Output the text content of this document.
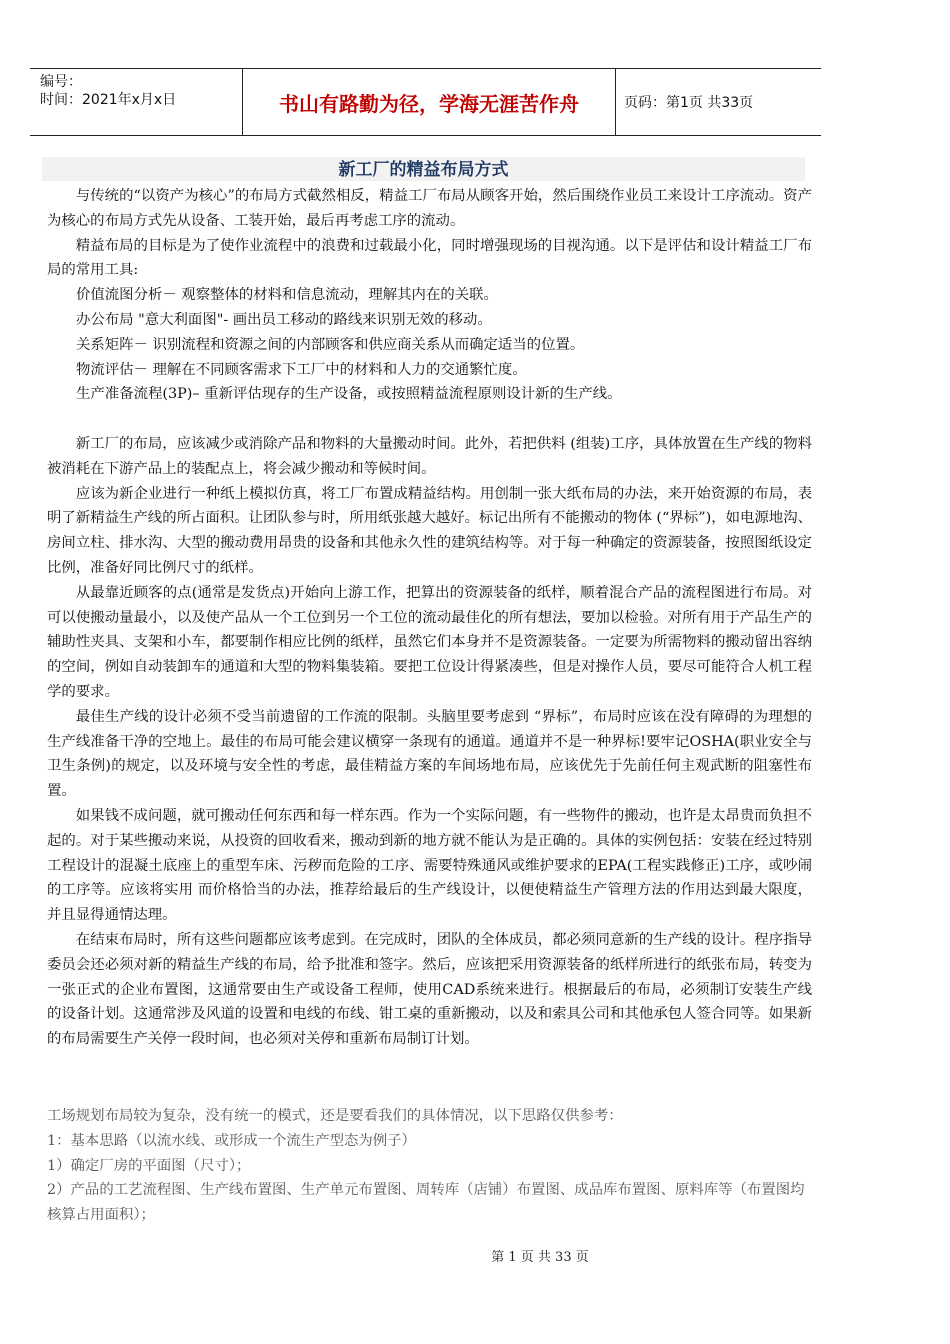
编号：
时间：2021年x月x日	书山有路勤为径，学海无涯苦作舟	页码：第1页 共33页
新工厂的精益布局方式

与传统的“以资产为核心”的布局方式截然相反，精益工厂布局从顾客开始，然后围绕作业员工来设计工序流动。资产为核心的布局方式先从设备、工装开始，最后再考虑工序的流动。

精益布局的目标是为了使作业流程中的浪费和过载最小化，同时增强现场的目视沟通。以下是评估和设计精益工厂布局的常用工具:

价值流图分析－ 观察整体的材料和信息流动，理解其内在的关联。

办公布局 "意大利面图"- 画出员工移动的路线来识别无效的移动。

关系矩阵－ 识别流程和资源之间的内部顾客和供应商关系从而确定适当的位置。

物流评估－ 理解在不同顾客需求下工厂中的材料和人力的交通繁忙度。

生产准备流程(3P)– 重新评估现存的生产设备，或按照精益流程原则设计新的生产线。

新工厂的布局，应该减少或消除产品和物料的大量搬动时间。此外，若把供料 (组装)工序，具体放置在生产线的物料被消耗在下游产品上的装配点上，将会减少搬动和等候时间。

应该为新企业进行一种纸上模拟仿真，将工厂布置成精益结构。用创制一张大纸布局的办法，来开始资源的布局，表明了新精益生产线的所占面积。让团队参与时，所用纸张越大越好。标记出所有不能搬动的物体 (“界标”)，如电源地沟、房间立柱、排水沟、大型的搬动费用昂贵的设备和其他永久性的建筑结构等。对于每一种确定的资源装备，按照图纸设定比例，准备好同比例尺寸的纸样。

从最靠近顾客的点(通常是发货点)开始向上游工作，把算出的资源装备的纸样，顺着混合产品的流程图进行布局。对可以使搬动量最小，以及使产品从一个工位到另一个工位的流动最佳化的所有想法，要加以检验。对所有用于产品生产的辅助性夹具、支架和小车，都要制作相应比例的纸样，虽然它们本身并不是资源装备。一定要为所需物料的搬动留出容纳的空间，例如自动装卸车的通道和大型的物料集装箱。要把工位设计得紧凑些，但是对操作人员，要尽可能符合人机工程学的要求。

最佳生产线的设计必须不受当前遗留的工作流的限制。头脑里要考虑到 “界标”，布局时应该在没有障碍的为理想的生产线准备干净的空地上。最佳的布局可能会建议横穿一条现有的通道。通道并不是一种界标!要牢记OSHA(职业安全与卫生条例)的规定，以及环境与安全性的考虑，最佳精益方案的车间场地布局，应该优先于先前任何主观武断的阻塞性布置。

如果钱不成问题，就可搬动任何东西和每一样东西。作为一个实际问题，有一些物件的搬动，也许是太昂贵而负担不起的。对于某些搬动来说，从投资的回收看来，搬动到新的地方就不能认为是正确的。具体的实例包括：安装在经过特别工程设计的混凝土底座上的重型车床、污秽而危险的工序、需要特殊通风或维护要求的EPA(工程实践修正)工序，或吵闹的工序等。应该将实用 而价格恰当的办法，推荐给最后的生产线设计，以便使精益生产管理方法的作用达到最大限度，并且显得通情达理。

在结束布局时，所有这些问题都应该考虑到。在完成时，团队的全体成员，都必须同意新的生产线的设计。程序指导委员会还必须对新的精益生产线的布局，给予批准和签字。然后，应该把采用资源装备的纸样所进行的纸张布局，转变为一张正式的企业布置图，这通常要由生产或设备工程师，使用CAD系统来进行。根据最后的布局，必须制订安装生产线的设备计划。这通常涉及风道的设置和电线的布线、钳工桌的重新搬动，以及和索具公司和其他承包人签合同等。如果新的布局需要生产关停一段时间，也必须对关停和重新布局制订计划。

工场规划布局较为复杂，没有统一的模式，还是要看我们的具体情况，以下思路仅供参考：

1：基本思路（以流水线、或形成一个流生产型态为例子）

1）确定厂房的平面图（尺寸）；

2）产品的工艺流程图、生产线布置图、生产单元布置图、周转库（店铺）布置图、成品库布置图、原料库等（布置图均核算占用面积）；

第 1 页 共 33 页
